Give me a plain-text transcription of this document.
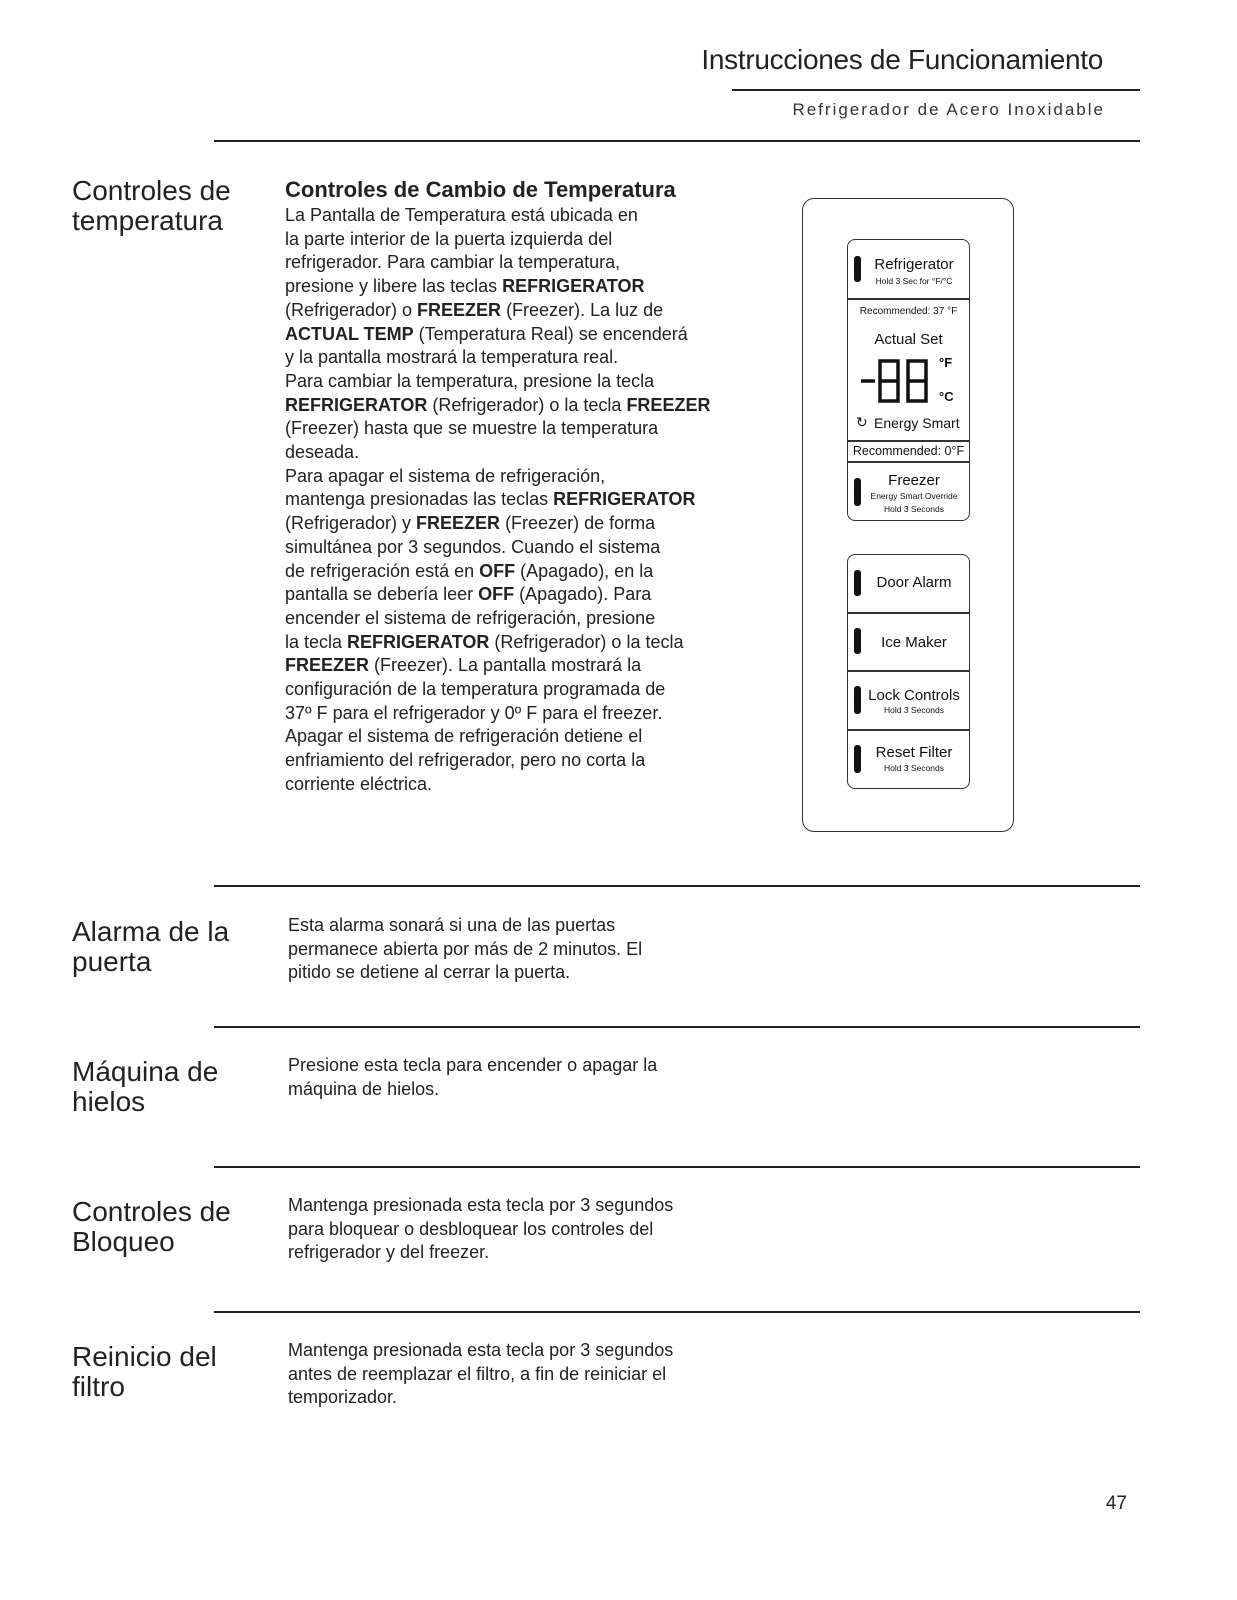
Instrucciones de Funcionamiento
Refrigerador de Acero Inoxidable
Controles de
temperatura
Controles de Cambio de Temperatura
La Pantalla de Temperatura está ubicada en
la parte interior de la puerta izquierda del
refrigerador. Para cambiar la temperatura,
presione y libere las teclas REFRIGERATOR
(Refrigerador) o FREEZER (Freezer). La luz de
ACTUAL TEMP (Temperatura Real) se encenderá
y la pantalla mostrará la temperatura real.
Para cambiar la temperatura, presione la tecla
REFRIGERATOR (Refrigerador) o la tecla FREEZER
(Freezer) hasta que se muestre la temperatura
deseada.
Para apagar el sistema de refrigeración,
mantenga presionadas las teclas REFRIGERATOR
(Refrigerador) y FREEZER (Freezer) de forma
simultánea por 3 segundos. Cuando el sistema
de refrigeración está en OFF (Apagado), en la
pantalla se debería leer OFF (Apagado). Para
encender el sistema de refrigeración, presione
la tecla REFRIGERATOR (Refrigerador) o la tecla
FREEZER (Freezer). La pantalla mostrará la
configuración de la temperatura programada de
37º F para el refrigerador y 0º F para el freezer.
Apagar el sistema de refrigeración detiene el
enfriamiento del refrigerador, pero no corta la
corriente eléctrica.
Refrigerator
Hold 3 Sec for °F/°C
Recommended: 37 °F
Actual Set
°F
°C
↻ Energy Smart
Recommended: 0°F
Freezer
Energy Smart Override
Hold 3 Seconds
Door Alarm
Ice Maker
Lock Controls
Hold 3 Seconds
Reset Filter
Hold 3 Seconds
Alarma de la
puerta
Esta alarma sonará si una de las puertas
permanece abierta por más de 2 minutos. El
pitido se detiene al cerrar la puerta.
Máquina de
hielos
Presione esta tecla para encender o apagar la
máquina de hielos.
Controles de
Bloqueo
Mantenga presionada esta tecla por 3 segundos
para bloquear o desbloquear los controles del
refrigerador y del freezer.
Reinicio del
filtro
Mantenga presionada esta tecla por 3 segundos
antes de reemplazar el filtro, a fin de reiniciar el
temporizador.
47
